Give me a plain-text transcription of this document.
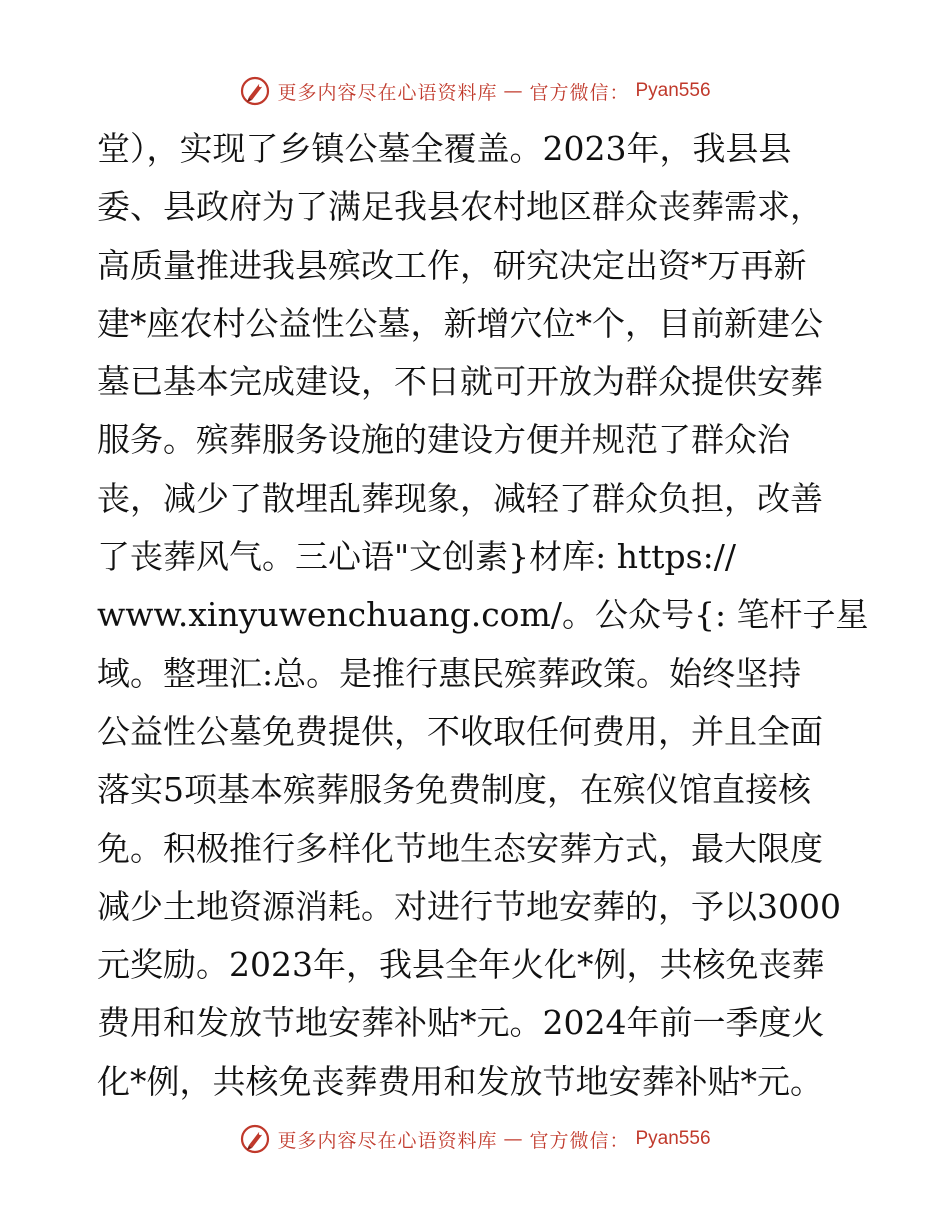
更多内容尽在心语资料库 — 官方微信： Pyan556
堂），实现了乡镇公墓全覆盖。2023年，我县县
委、县政府为了满足我县农村地区群众丧葬需求，
高质量推进我县殡改工作，研究决定出资*万再新
建*座农村公益性公墓，新增穴位*个，目前新建公
墓已基本完成建设，不日就可开放为群众提供安葬
服务。殡葬服务设施的建设方便并规范了群众治
丧，减少了散埋乱葬现象，减轻了群众负担，改善
了丧葬风气。三心语"文创素}材库: https://
www.xinyuwenchuang.com/。公众号{: 笔杆子星
域。整理汇:总。是推行惠民殡葬政策。始终坚持
公益性公墓免费提供，不收取任何费用，并且全面
落实5项基本殡葬服务免费制度，在殡仪馆直接核
免。积极推行多样化节地生态安葬方式，最大限度
减少土地资源消耗。对进行节地安葬的，予以3000
元奖励。2023年，我县全年火化*例，共核免丧葬
费用和发放节地安葬补贴*元。2024年前一季度火
化*例，共核免丧葬费用和发放节地安葬补贴*元。
更多内容尽在心语资料库 — 官方微信： Pyan556
